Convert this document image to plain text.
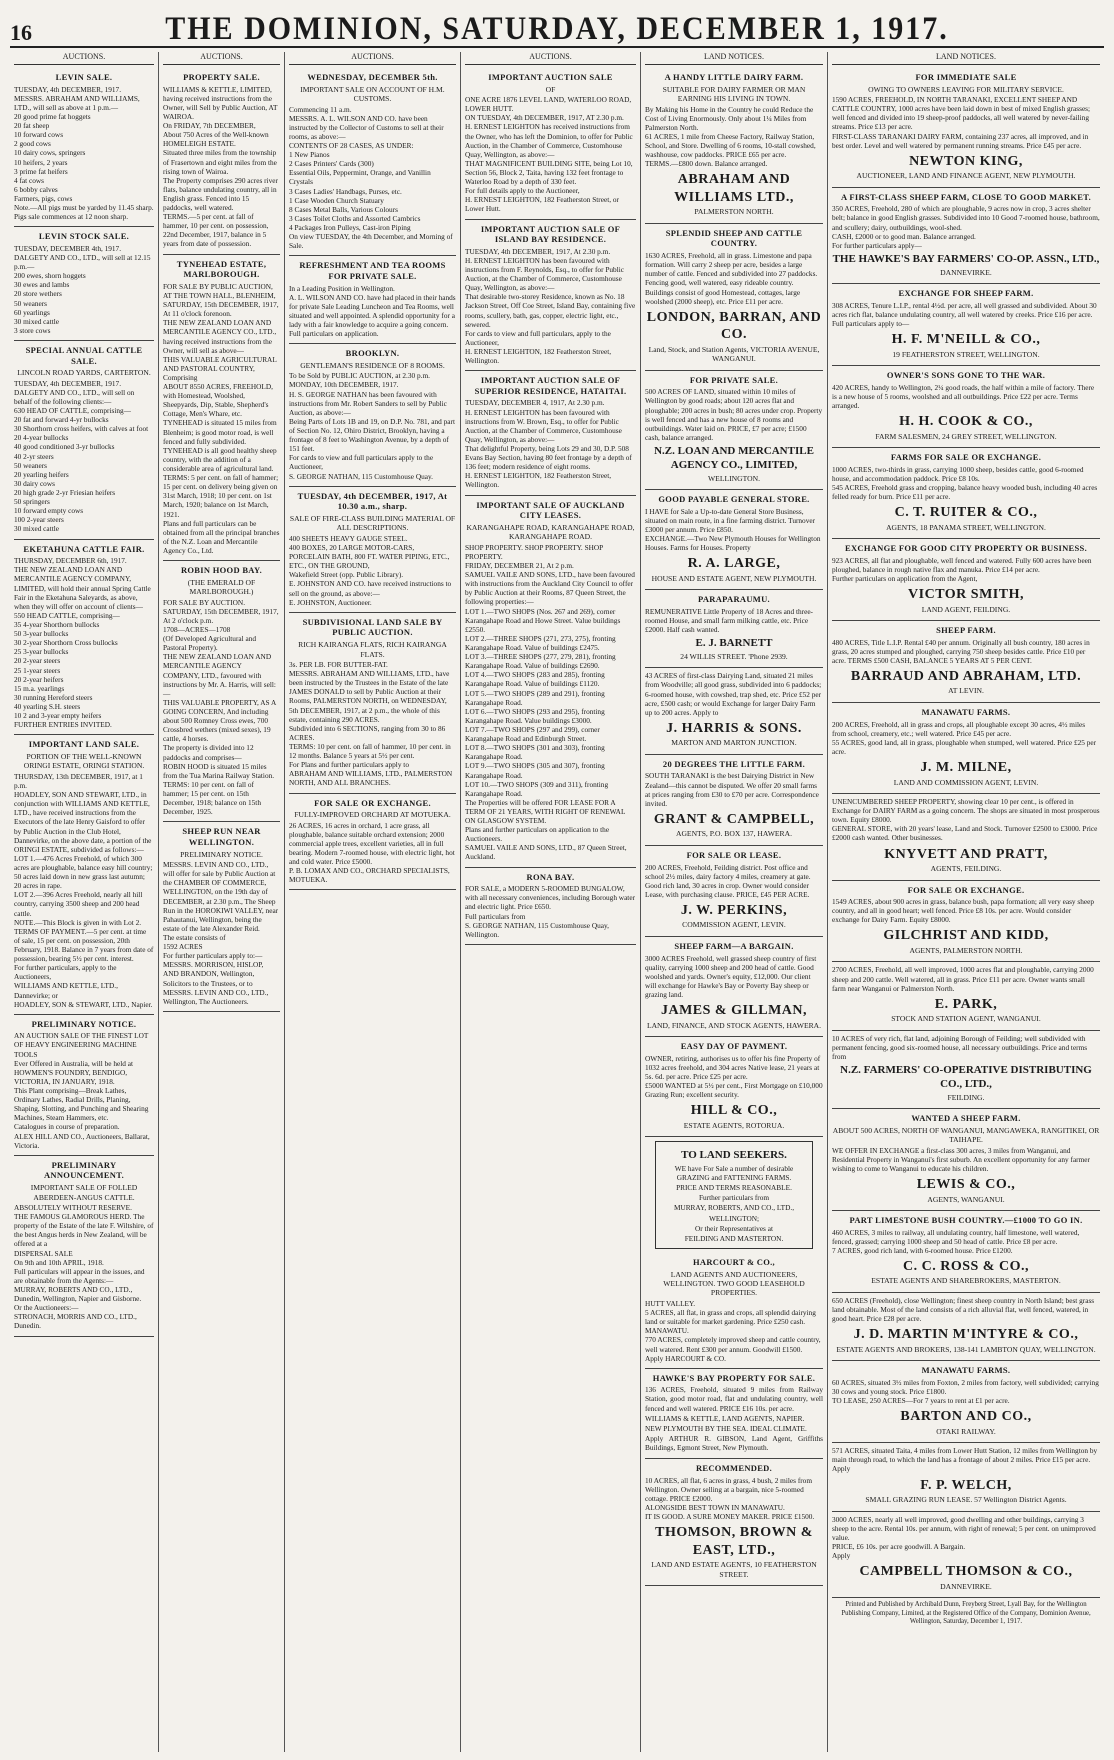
16	THE DOMINION, SATURDAY, DECEMBER 1, 1917.
AUCTIONS.
LEVIN SALE.

TUESDAY, 4th DECEMBER, 1917.

MESSRS. ABRAHAM AND WILLIAMS, LTD., will sell as above at 1 p.m.—

20 good prime fat hoggets

20 fat sheep

10 forward cows

2 good cows

10 dairy cows, springers

10 heifers, 2 years

3 prime fat heifers

4 fat cows

6 bobby calves

Farmers, pigs, cows

Note.—All pigs must be yarded by 11.45 sharp. Pigs sale commences at 12 noon sharp.

LEVIN STOCK SALE.

TUESDAY, DECEMBER 4th, 1917.

DALGETY AND CO., LTD., will sell at 12.15 p.m.—

200 ewes, shorn hoggets

30 ewes and lambs

20 store wethers

50 weaners

60 yearlings

30 mixed cattle

3 store cows

SPECIAL ANNUAL CATTLE SALE.
LINCOLN ROAD YARDS, CARTERTON.

TUESDAY, 4th DECEMBER, 1917.

DALGETY AND CO., LTD., will sell on behalf of the following clients:—

630 HEAD OF CATTLE, comprising—

20 fat and forward 4-yr bullocks

30 Shorthorn cross heifers, with calves at foot

20 4-year bullocks

40 good conditioned 3-yr bullocks

40 2-yr steers

50 weaners

20 yearling heifers

30 dairy cows

20 high grade 2-yr Friesian heifers

50 springers

10 forward empty cows

100 2-year steers

30 mixed cattle

EKETAHUNA CATTLE FAIR.

THURSDAY, DECEMBER 6th, 1917.

THE NEW ZEALAND LOAN AND MERCANTILE AGENCY COMPANY, LIMITED, will hold their annual Spring Cattle Fair in the Eketahuna Saleyards, as above, when they will offer on account of clients—

550 HEAD CATTLE, comprising—

35 4-year Shorthorn bullocks

50 3-year bullocks

30 2-year Shorthorn Cross bullocks

25 3-year bullocks

20 2-year steers

25 1-year steers

20 2-year heifers

15 m.a. yearlings

30 running Hereford steers

40 yearling S.H. steers

10 2 and 3-year empty heifers

FURTHER ENTRIES INVITED.

IMPORTANT LAND SALE.
PORTION OF THE WELL-KNOWN ORINGI ESTATE, ORINGI STATION.

THURSDAY, 13th DECEMBER, 1917, at 1 p.m.

HOADLEY, SON AND STEWART, LTD., in conjunction with WILLIAMS AND KETTLE, LTD., have received instructions from the Executors of the late Henry Gaisford to offer by Public Auction in the Club Hotel, Dannevirke, on the above date, a portion of the ORINGI ESTATE, subdivided as follows:—

LOT 1.—476 Acres Freehold, of which 300 acres are ploughable, balance easy hill country; 50 acres laid down in new grass last autumn; 20 acres in rape.

LOT 2.—396 Acres Freehold, nearly all hill country, carrying 3500 sheep and 200 head cattle.

NOTE.—This Block is given in with Lot 2.

TERMS OF PAYMENT.—5 per cent. at time of sale, 15 per cent. on possession, 20th February, 1918. Balance in 7 years from date of possession, bearing 5½ per cent. interest.

For further particulars, apply to the Auctioneers,

WILLIAMS AND KETTLE, LTD., Dannevirke; or

HOADLEY, SON & STEWART, LTD., Napier.

PRELIMINARY NOTICE.

AN AUCTION SALE OF THE FINEST LOT OF HEAVY ENGINEERING MACHINE TOOLS

Ever Offered in Australia, will be held at HOWMEN'S FOUNDRY, BENDIGO, VICTORIA, IN JANUARY, 1918.

This Plant comprising—Break Lathes, Ordinary Lathes, Radial Drills, Planing, Shaping, Slotting, and Punching and Shearing Machines, Steam Hammers, etc.

Catalogues in course of preparation.

ALEX HILL AND CO., Auctioneers, Ballarat, Victoria.

PRELIMINARY ANNOUNCEMENT.
IMPORTANT SALE OF FOLLED ABERDEEN-ANGUS CATTLE.

ABSOLUTELY WITHOUT RESERVE.

THE FAMOUS GLAMOROUS HERD. The property of the Estate of the late F. Wiltshire, of the best Angus herds in New Zealand, will be offered at a

DISPERSAL SALE

On 9th and 10th APRIL, 1918.

Full particulars will appear in the issues, and are obtainable from the Agents:—

MURRAY, ROBERTS AND CO., LTD., Dunedin, Wellington, Napier and Gisborne.

Or the Auctioneers:—

STRONACH, MORRIS AND CO., LTD., Dunedin.

AUCTIONS.
PROPERTY SALE.

WILLIAMS & KETTLE, LIMITED, having received instructions from the Owner, will Sell by Public Auction, AT WAIROA.

On FRIDAY, 7th DECEMBER,

About 750 Acres of the Well-known HOMELEIGH ESTATE.

Situated three miles from the township of Frasertown and eight miles from the rising town of Wairoa.

The Property comprises 290 acres river flats, balance undulating country, all in English grass. Fenced into 15 paddocks, well watered.

TERMS.—5 per cent. at fall of hammer, 10 per cent. on possession, 22nd December, 1917, balance in 5 years from date of possession.

TYNEHEAD ESTATE, MARLBOROUGH.

FOR SALE BY PUBLIC AUCTION, AT THE TOWN HALL, BLENHEIM,

SATURDAY, 15th DECEMBER, 1917, At 11 o'clock forenoon.

THE NEW ZEALAND LOAN AND MERCANTILE AGENCY CO., LTD., having received instructions from the Owner, will sell as above—

THIS VALUABLE AGRICULTURAL AND PASTORAL COUNTRY, Comprising

ABOUT 8550 ACRES, FREEHOLD, with Homestead, Woolshed, Sheepyards, Dip, Stable, Shepherd's Cottage, Men's Whare, etc.

TYNEHEAD is situated 15 miles from Blenheim; is good motor road, is well fenced and fully subdivided.

TYNEHEAD is all good healthy sheep country, with the addition of a considerable area of agricultural land.

TERMS: 5 per cent. on fall of hammer; 15 per cent. on delivery being given on 31st March, 1918; 10 per cent. on 1st March, 1920; balance on 1st March, 1921.

Plans and full particulars can be obtained from all the principal branches of the N.Z. Loan and Mercantile Agency Co., Ltd.

ROBIN HOOD BAY.
(THE EMERALD OF MARLBOROUGH.)

FOR SALE BY AUCTION.

SATURDAY, 15th DECEMBER, 1917, At 2 o'clock p.m.

1708—ACRES—1708

(Of Developed Agricultural and Pastoral Property).

THE NEW ZEALAND LOAN AND MERCANTILE AGENCY COMPANY, LTD., favoured with instructions by Mr. A. Harris, will sell:—

THIS VALUABLE PROPERTY, AS A GOING CONCERN, And including about 500 Romney Cross ewes, 700 Crossbred wethers (mixed sexes), 19 cattle, 4 horses.

The property is divided into 12 paddocks and comprises—

ROBIN HOOD is situated 15 miles from the Tua Marina Railway Station.

TERMS: 10 per cent. on fall of hammer; 15 per cent. on 15th December, 1918; balance on 15th December, 1925.

SHEEP RUN NEAR WELLINGTON.
PRELIMINARY NOTICE.

MESSRS. LEVIN AND CO., LTD., will offer for sale by Public Auction at the CHAMBER OF COMMERCE, WELLINGTON, on the 19th day of DECEMBER, at 2.30 p.m., The Sheep Run in the HOROKIWI VALLEY, near Pahautanui, Wellington, being the estate of the late Alexander Reid.

The estate consists of

1592 ACRES

For further particulars apply to:—

MESSRS. MORRISON, HISLOP, AND BRANDON, Wellington, Solicitors to the Trustees, or to

MESSRS. LEVIN AND CO., LTD., Wellington, The Auctioneers.

AUCTIONS.
WEDNESDAY, DECEMBER 5th.
IMPORTANT SALE ON ACCOUNT OF H.M. CUSTOMS.

Commencing 11 a.m.

MESSRS. A. L. WILSON AND CO. have been instructed by the Collector of Customs to sell at their rooms, as above:—

CONTENTS OF 28 CASES, AS UNDER:

1 New Pianos

2 Cases Printers' Cards (300)

Essential Oils, Peppermint, Orange, and Vanillin Crystals

3 Cases Ladies' Handbags, Purses, etc.

1 Case Wooden Church Statuary

8 Cases Metal Balls, Various Colours

3 Cases Toilet Cloths and Assorted Cambrics

4 Packages Iron Pulleys, Cast-iron Piping

On view TUESDAY, the 4th December, and Morning of Sale.

REFRESHMENT AND TEA ROOMS FOR PRIVATE SALE.

In a Leading Position in Wellington.

A. L. WILSON AND CO. have had placed in their hands for private Sale Leading Luncheon and Tea Rooms, well situated and well appointed. A splendid opportunity for a lady with a fair knowledge to acquire a going concern. Full particulars on application.

BROOKLYN.
GENTLEMAN'S RESIDENCE OF 8 ROOMS.

To be Sold by PUBLIC AUCTION, at 2.30 p.m.

MONDAY, 10th DECEMBER, 1917.

H. S. GEORGE NATHAN has been favoured with instructions from Mr. Robert Sanders to sell by Public Auction, as above:—

Being Parts of Lots 1B and 19, on D.P. No. 781, and part of Section No. 12, Ohiro District, Brooklyn, having a frontage of 8 feet to Washington Avenue, by a depth of 151 feet.

For cards to view and full particulars apply to the Auctioneer,

S. GEORGE NATHAN, 115 Customhouse Quay.

TUESDAY, 4th DECEMBER, 1917, At 10.30 a.m., sharp.
SALE OF FIRE-CLASS BUILDING MATERIAL OF ALL DESCRIPTIONS.

400 SHEETS HEAVY GAUGE STEEL.

400 BOXES, 20 LARGE MOTOR-CARS, PORCELAIN BATH, 800 FT. WATER PIPING, ETC., ETC., ON THE GROUND,

Wakefield Street (opp. Public Library).

E. JOHNSTON AND CO. have received instructions to sell on the ground, as above:—

E. JOHNSTON, Auctioneer.

SUBDIVISIONAL LAND SALE BY PUBLIC AUCTION.
RICH KAIRANGA FLATS, RICH KAIRANGA FLATS.

3s. PER LB. FOR BUTTER-FAT.

MESSRS. ABRAHAM AND WILLIAMS, LTD., have been instructed by the Trustees in the Estate of the late JAMES DONALD to sell by Public Auction at their Rooms, PALMERSTON NORTH, on WEDNESDAY, 5th DECEMBER, 1917, at 2 p.m., the whole of this estate, containing 290 ACRES.

Subdivided into 6 SECTIONS, ranging from 30 to 86 ACRES.

TERMS: 10 per cent. on fall of hammer, 10 per cent. in 12 months. Balance 5 years at 5½ per cent.

For Plans and further particulars apply to

ABRAHAM AND WILLIAMS, LTD., PALMERSTON NORTH, AND ALL BRANCHES.

FOR SALE OR EXCHANGE.
FULLY-IMPROVED ORCHARD AT MOTUEKA.

26 ACRES, 16 acres in orchard, 1 acre grass, all ploughable, balance suitable orchard extension; 2000 commercial apple trees, excellent varieties, all in full bearing. Modern 7-roomed house, with electric light, hot and cold water. Price £5000.

P. B. LOMAX AND CO., ORCHARD SPECIALISTS, MOTUEKA.

AUCTIONS.
IMPORTANT AUCTION SALE
OF

ONE ACRE 1876 LEVEL LAND, WATERLOO ROAD, LOWER HUTT.

ON TUESDAY, 4th DECEMBER, 1917, AT 2.30 p.m.

H. ERNEST LEIGHTON has received instructions from the Owner, who has left the Dominion, to offer for Public Auction, in the Chamber of Commerce, Customhouse Quay, Wellington, as above:—

THAT MAGNIFICENT BUILDING SITE, being Lot 10, Section 56, Block 2, Taita, having 132 feet frontage to Waterloo Road by a depth of 330 feet.

For full details apply to the Auctioneer,

H. ERNEST LEIGHTON, 182 Featherston Street, or Lower Hutt.

IMPORTANT AUCTION SALE OF ISLAND BAY RESIDENCE.

TUESDAY, 4th DECEMBER, 1917, At 2.30 p.m.

H. ERNEST LEIGHTON has been favoured with instructions from F. Reynolds, Esq., to offer for Public Auction, at the Chamber of Commerce, Customhouse Quay, Wellington, as above:—

That desirable two-storey Residence, known as No. 18 Jackson Street, Off Coe Street, Island Bay, containing five rooms, scullery, bath, gas, copper, electric light, etc., sewered.

For cards to view and full particulars, apply to the Auctioneer,

H. ERNEST LEIGHTON, 182 Featherston Street, Wellington.

IMPORTANT AUCTION SALE OF SUPERIOR RESIDENCE, HATAITAI.

TUESDAY, DECEMBER 4, 1917, At 2.30 p.m.

H. ERNEST LEIGHTON has been favoured with instructions from W. Brown, Esq., to offer for Public Auction, at the Chamber of Commerce, Customhouse Quay, Wellington, as above:—

That delightful Property, being Lots 29 and 30, D.P. 508 Evans Bay Section, having 80 feet frontage by a depth of 136 feet; modern residence of eight rooms.

H. ERNEST LEIGHTON, 182 Featherston Street, Wellington.

IMPORTANT SALE OF AUCKLAND CITY LEASES.
KARANGAHAPE ROAD, KARANGAHAPE ROAD, KARANGAHAPE ROAD.

SHOP PROPERTY. SHOP PROPERTY. SHOP PROPERTY.

FRIDAY, DECEMBER 21, At 2 p.m.

SAMUEL VAILE AND SONS, LTD., have been favoured with instructions from the Auckland City Council to offer by Public Auction at their Rooms, 87 Queen Street, the following properties:—

LOT 1.—TWO SHOPS (Nos. 267 and 269), corner Karangahape Road and Howe Street. Value buildings £2550.

LOT 2.—THREE SHOPS (271, 273, 275), fronting Karangahape Road. Value of buildings £2475.

LOT 3.—THREE SHOPS (277, 279, 281), fronting Karangahape Road. Value of buildings £2690.

LOT 4.—TWO SHOPS (283 and 285), fronting Karangahape Road. Value of buildings £1120.

LOT 5.—TWO SHOPS (289 and 291), fronting Karangahape Road.

LOT 6.—TWO SHOPS (293 and 295), fronting Karangahape Road. Value buildings £3000.

LOT 7.—TWO SHOPS (297 and 299), corner Karangahape Road and Edinburgh Street.

LOT 8.—TWO SHOPS (301 and 303), fronting Karangahape Road.

LOT 9.—TWO SHOPS (305 and 307), fronting Karangahape Road.

LOT 10.—TWO SHOPS (309 and 311), fronting Karangahape Road.

The Properties will be offered FOR LEASE FOR A TERM OF 21 YEARS, WITH RIGHT OF RENEWAL ON GLASGOW SYSTEM.

Plans and further particulars on application to the Auctioneers.

SAMUEL VAILE AND SONS, LTD., 87 Queen Street, Auckland.

RONA BAY.

FOR SALE, a MODERN 5-ROOMED BUNGALOW, with all necessary conveniences, including Borough water and electric light. Price £650.

Full particulars from

S. GEORGE NATHAN, 115 Customhouse Quay, Wellington.

LAND NOTICES.
A HANDY LITTLE DAIRY FARM.
SUITABLE FOR DAIRY FARMER OR MAN EARNING HIS LIVING IN TOWN.

By Making his Home in the Country he could Reduce the Cost of Living Enormously. Only about 1¼ Miles from Palmerston North.

61 ACRES, 1 mile from Cheese Factory, Railway Station, School, and Store. Dwelling of 6 rooms, 10-stall cowshed, washhouse, cow paddocks. PRICE £65 per acre.

TERMS.—£800 down. Balance arranged.

ABRAHAM AND WILLIAMS LTD.,
PALMERSTON NORTH.
SPLENDID SHEEP AND CATTLE COUNTRY.

1630 ACRES, Freehold, all in grass. Limestone and papa formation. Will carry 2 sheep per acre, besides a large number of cattle. Fenced and subdivided into 27 paddocks. Fencing good, well watered, easy rideable country. Buildings consist of good Homestead, cottages, large woolshed (2000 sheep), etc. Price £11 per acre.

LONDON, BARRAN, AND CO.
Land, Stock, and Station Agents, VICTORIA AVENUE, WANGANUI.
FOR PRIVATE SALE.

500 ACRES OF LAND, situated within 10 miles of Wellington by good roads; about 120 acres flat and ploughable; 200 acres in bush; 80 acres under crop. Property is well fenced and has a new house of 8 rooms and outbuildings. Water laid on. PRICE, £7 per acre; £1500 cash, balance arranged.

N.Z. LOAN AND MERCANTILE AGENCY CO., LIMITED,
WELLINGTON.
GOOD PAYABLE GENERAL STORE.

I HAVE for Sale a Up-to-date General Store Business, situated on main route, in a fine farming district. Turnover £3000 per annum. Price £850.

EXCHANGE.—Two New Plymouth Houses for Wellington Houses. Farms for Houses. Property

R. A. LARGE,
HOUSE AND ESTATE AGENT, NEW PLYMOUTH.
PARAPARAUMU.

REMUNERATIVE Little Property of 18 Acres and three-roomed House, and small farm milking cattle, etc. Price £2000. Half cash wanted.

E. J. BARNETT
24 WILLIS STREET. 'Phone 2939.

43 ACRES of first-class Dairying Land, situated 21 miles from Woodville; all good grass, subdivided into 6 paddocks; 6-roomed house, with cowshed, trap shed, etc. Price £52 per acre, £500 cash; or would Exchange for larger Dairy Farm up to 200 acres. Apply to

J. HARRIS & SONS.
MARTON AND MARTON JUNCTION.
20 DEGREES THE LITTLE FARM.

SOUTH TARANAKI is the best Dairying District in New Zealand—this cannot be disputed. We offer 20 small farms at prices ranging from £30 to £70 per acre. Correspondence invited.

GRANT & CAMPBELL,
AGENTS, P.O. BOX 137, HAWERA.
FOR SALE OR LEASE.

200 ACRES, Freehold, Feilding district. Post office and school 2½ miles, dairy factory 4 miles, creamery at gate. Good rich land, 30 acres in crop. Owner would consider Lease, with purchasing clause. PRICE, £45 PER ACRE.

J. W. PERKINS,
COMMISSION AGENT, LEVIN.
SHEEP FARM—A BARGAIN.

3000 ACRES Freehold, well grassed sheep country of first quality, carrying 1000 sheep and 200 head of cattle. Good woolshed and yards. Owner's equity, £12,000. Our client will exchange for Hawke's Bay or Poverty Bay sheep or grazing land.

JAMES & GILLMAN,
LAND, FINANCE, AND STOCK AGENTS, HAWERA.
EASY DAY OF PAYMENT.

OWNER, retiring, authorises us to offer his fine Property of 1032 acres freehold, and 304 acres Native lease, 21 years at 5s. 6d. per acre. Price £25 per acre.

£5000 WANTED at 5½ per cent., First Mortgage on £10,000 Grazing Run; excellent security.

HILL & CO.,
ESTATE AGENTS, ROTORUA.
TO LAND SEEKERS.

WE have For Sale a number of desirable GRAZING and FATTENING FARMS.

PRICE AND TERMS REASONABLE.

Further particulars from

MURRAY, ROBERTS, AND CO., LTD.,

WELLINGTON;

Or their Representatives at

FEILDING AND MASTERTON.

HARCOURT & CO.,
LAND AGENTS AND AUCTIONEERS, WELLINGTON. TWO GOOD LEASEHOLD PROPERTIES.

HUTT VALLEY.

5 ACRES, all flat, in grass and crops, all splendid dairying land or suitable for market gardening. Price £250 cash.

MANAWATU.

770 ACRES, completely improved sheep and cattle country, well watered. Rent £300 per annum. Goodwill £1500.

Apply HARCOURT & CO.

HAWKE'S BAY PROPERTY FOR SALE.

136 ACRES, Freehold, situated 9 miles from Railway Station, good motor road, flat and undulating country, well fenced and well watered. PRICE £16 10s. per acre.

WILLIAMS & KETTLE, LAND AGENTS, NAPIER.

NEW PLYMOUTH BY THE SEA. IDEAL CLIMATE.

Apply ARTHUR R. GIBSON, Land Agent, Griffiths Buildings, Egmont Street, New Plymouth.

RECOMMENDED.

10 ACRES, all flat, 6 acres in grass, 4 bush, 2 miles from Wellington. Owner selling at a bargain, nice 5-roomed cottage. PRICE £2000.

ALONGSIDE BEST TOWN IN MANAWATU.

IT IS GOOD. A SURE MONEY MAKER. PRICE £1500.

THOMSON, BROWN & EAST, LTD.,
LAND AND ESTATE AGENTS, 10 FEATHERSTON STREET.
LAND NOTICES.
FOR IMMEDIATE SALE
OWING TO OWNERS LEAVING FOR MILITARY SERVICE.

1590 ACRES, FREEHOLD, IN NORTH TARANAKI, EXCELLENT SHEEP AND CATTLE COUNTRY, 1000 acres have been laid down in best of mixed English grasses; well fenced and divided into 19 sheep-proof paddocks, all well watered by never-failing streams. Price £13 per acre.

FIRST-CLASS TARANAKI DAIRY FARM, containing 237 acres, all improved, and in best order. Level and well watered by permanent running streams. Price £45 per acre.

NEWTON KING,
AUCTIONEER, LAND AND FINANCE AGENT, NEW PLYMOUTH.
A FIRST-CLASS SHEEP FARM, CLOSE TO GOOD MARKET.

350 ACRES, Freehold, 280 of which are ploughable, 9 acres now in crop, 3 acres shelter belt; balance in good English grasses. Subdivided into 10 Good 7-roomed house, bathroom, and scullery; dairy, outbuildings, wool-shed.

CASH, £2000 or to good man. Balance arranged.

For further particulars apply—

THE HAWKE'S BAY FARMERS' CO-OP. ASSN., LTD.,
DANNEVIRKE.
EXCHANGE FOR SHEEP FARM.

308 ACRES, Tenure L.I.P., rental 4½d. per acre, all well grassed and subdivided. About 30 acres rich flat, balance undulating country, all well watered by creeks. Price £16 per acre. Full particulars apply to—

H. F. M'NEILL & CO.,
19 FEATHERSTON STREET, WELLINGTON.
OWNER'S SONS GONE TO THE WAR.

420 ACRES, handy to Wellington, 2¼ good roads, the half within a mile of factory. There is a new house of 5 rooms, woolshed and all outbuildings. Price £22 per acre. Terms arranged.

H. H. COOK & CO.,
FARM SALESMEN, 24 GREY STREET, WELLINGTON.
FARMS FOR SALE OR EXCHANGE.

1000 ACRES, two-thirds in grass, carrying 1000 sheep, besides cattle, good 6-roomed house, and accommodation paddock. Price £8 10s.

545 ACRES, Freehold grass and cropping, balance heavy wooded bush, including 40 acres felled ready for burn. Price £11 per acre.

C. T. RUITER & CO.,
AGENTS, 18 PANAMA STREET, WELLINGTON.
EXCHANGE FOR GOOD CITY PROPERTY OR BUSINESS.

923 ACRES, all flat and ploughable, well fenced and watered. Fully 600 acres have been ploughed, balance in rough native flax and manuka. Price £14 per acre.

Further particulars on application from the Agent,

VICTOR SMITH,
LAND AGENT, FEILDING.
SHEEP FARM.

480 ACRES, Title L.I.P. Rental £40 per annum. Originally all bush country, 180 acres in grass, 20 acres stumped and ploughed, carrying 750 sheep besides cattle. Price £10 per acre. TERMS £500 CASH, BALANCE 5 YEARS AT 5 PER CENT.

BARRAUD AND ABRAHAM, LTD.
AT LEVIN.
MANAWATU FARMS.

200 ACRES, Freehold, all in grass and crops, all ploughable except 30 acres, 4½ miles from school, creamery, etc.; well watered. Price £45 per acre.

55 ACRES, good land, all in grass, ploughable when stumped, well watered. Price £25 per acre.

J. M. MILNE,
LAND AND COMMISSION AGENT, LEVIN.

UNENCUMBERED SHEEP PROPERTY, showing clear 10 per cent., is offered in Exchange for DAIRY FARM as a going concern. The shops are situated in most prosperous town. Equity £8000.

GENERAL STORE, with 20 years' lease, Land and Stock. Turnover £2500 to £3000. Price £2000 cash wanted. Other businesses.

KNYVETT AND PRATT,
AGENTS, FEILDING.
FOR SALE OR EXCHANGE.

1549 ACRES, about 900 acres in grass, balance bush, papa formation; all very easy sheep country, and all in good heart; well fenced. Price £8 10s. per acre. Would consider exchange for Dairy Farm. Equity £8000.

GILCHRIST AND KIDD,
AGENTS, PALMERSTON NORTH.

2700 ACRES, Freehold, all well improved, 1000 acres flat and ploughable, carrying 2000 sheep and 200 cattle. Well watered, all in grass. Price £11 per acre. Owner wants small farm near Wanganui or Palmerston North.

E. PARK,
STOCK AND STATION AGENT, WANGANUI.

10 ACRES of very rich, flat land, adjoining Borough of Feilding; well subdivided with permanent fencing, good six-roomed house, all necessary outbuildings. Price and terms from

N.Z. FARMERS' CO-OPERATIVE DISTRIBUTING CO., LTD.,
FEILDING.
WANTED A SHEEP FARM.
ABOUT 500 ACRES, NORTH OF WANGANUI, MANGAWEKA, RANGITIKEI, OR TAIHAPE.

WE OFFER IN EXCHANGE a first-class 300 acres, 3 miles from Wanganui, and Residential Property in Wanganui's first suburb. An excellent opportunity for any farmer wishing to come to Wanganui to educate his children.

LEWIS & CO.,
AGENTS, WANGANUI.
PART LIMESTONE BUSH COUNTRY.—£1000 TO GO IN.

460 ACRES, 3 miles to railway, all undulating country, half limestone, well watered, fenced, grassed; carrying 1000 sheep and 50 head of cattle. Price £8 per acre.

7 ACRES, good rich land, with 6-roomed house. Price £1200.

C. C. ROSS & CO.,
ESTATE AGENTS AND SHAREBROKERS, MASTERTON.

650 ACRES (Freehold), close Wellington; finest sheep country in North Island; best grass land obtainable. Most of the land consists of a rich alluvial flat, well fenced, watered, in good heart. Price £28 per acre.

J. D. MARTIN M'INTYRE & CO.,
ESTATE AGENTS AND BROKERS, 138-141 LAMBTON QUAY, WELLINGTON.
MANAWATU FARMS.

60 ACRES, situated 3½ miles from Foxton, 2 miles from factory, well subdivided; carrying 30 cows and young stock. Price £1800.

TO LEASE, 250 ACRES—For 7 years to rent at £1 per acre.

BARTON AND CO.,
OTAKI RAILWAY.

571 ACRES, situated Taita, 4 miles from Lower Hutt Station, 12 miles from Wellington by main through road, to which the land has a frontage of about 2 miles. Price £15 per acre. Apply

F. P. WELCH,
SMALL GRAZING RUN LEASE. 57 Wellington District Agents.

3000 ACRES, nearly all well improved, good dwelling and other buildings, carrying 3 sheep to the acre. Rental 10s. per annum, with right of renewal; 5 per cent. on unimproved value.

PRICE, £6 10s. per acre goodwill. A Bargain.

Apply

CAMPBELL THOMSON & CO.,
DANNEVIRKE.
Printed and Published by Archibald Dunn, Freyberg Street, Lyall Bay, for the Wellington Publishing Company, Limited, at the Registered Office of the Company, Dominion Avenue, Wellington, Saturday, December 1, 1917.
